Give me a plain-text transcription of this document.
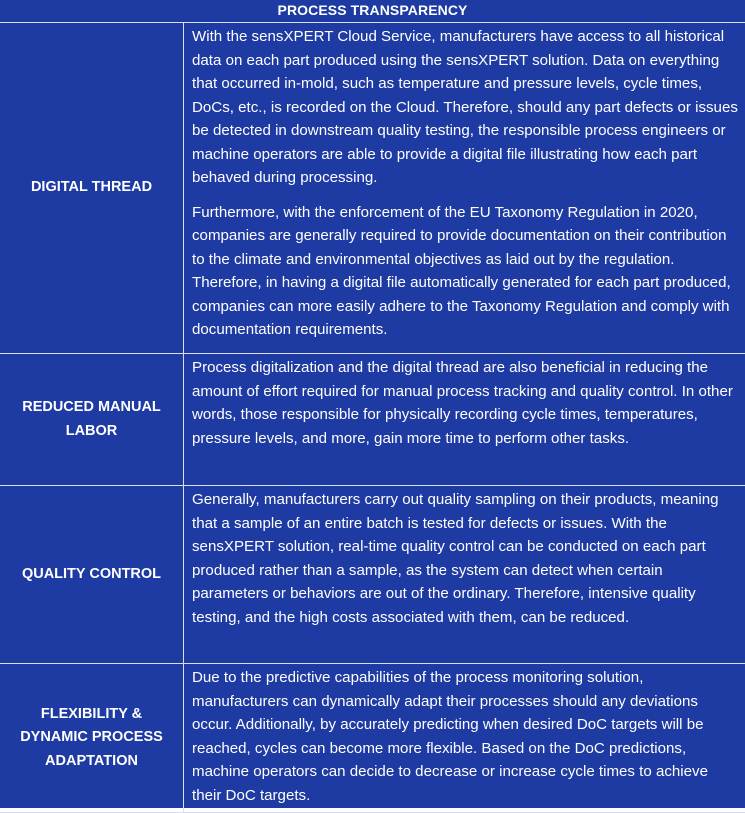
PROCESS TRANSPARENCY
DIGITAL THREAD

With the sensXPERT Cloud Service, manufacturers have access to all historical data on each part produced using the sensXPERT solution. Data on everything that occurred in-mold, such as temperature and pressure levels, cycle times, DoCs, etc., is recorded on the Cloud. Therefore, should any part defects or issues be detected in downstream quality testing, the responsible process engineers or machine operators are able to provide a digital file illustrating how each part behaved during processing.

Furthermore, with the enforcement of the EU Taxonomy Regulation in 2020, companies are generally required to provide documentation on their contribution to the climate and environmental objectives as laid out by the regulation. Therefore, in having a digital file automatically generated for each part produced, companies can more easily adhere to the Taxonomy Regulation and comply with documentation requirements.

REDUCED MANUAL LABOR

Process digitalization and the digital thread are also beneficial in reducing the amount of effort required for manual process tracking and quality control. In other words, those responsible for physically recording cycle times, temperatures, pressure levels, and more, gain more time to perform other tasks.

QUALITY CONTROL

Generally, manufacturers carry out quality sampling on their products, meaning that a sample of an entire batch is tested for defects or issues. With the sensXPERT solution, real-time quality control can be conducted on each part produced rather than a sample, as the system can detect when certain parameters or behaviors are out of the ordinary. Therefore, intensive quality testing, and the high costs associated with them, can be reduced.

FLEXIBILITY & DYNAMIC PROCESS ADAPTATION

Due to the predictive capabilities of the process monitoring solution, manufacturers can dynamically adapt their processes should any deviations occur. Additionally, by accurately predicting when desired DoC targets will be reached, cycles can become more flexible. Based on the DoC predictions, machine operators can decide to decrease or increase cycle times to achieve their DoC targets.
